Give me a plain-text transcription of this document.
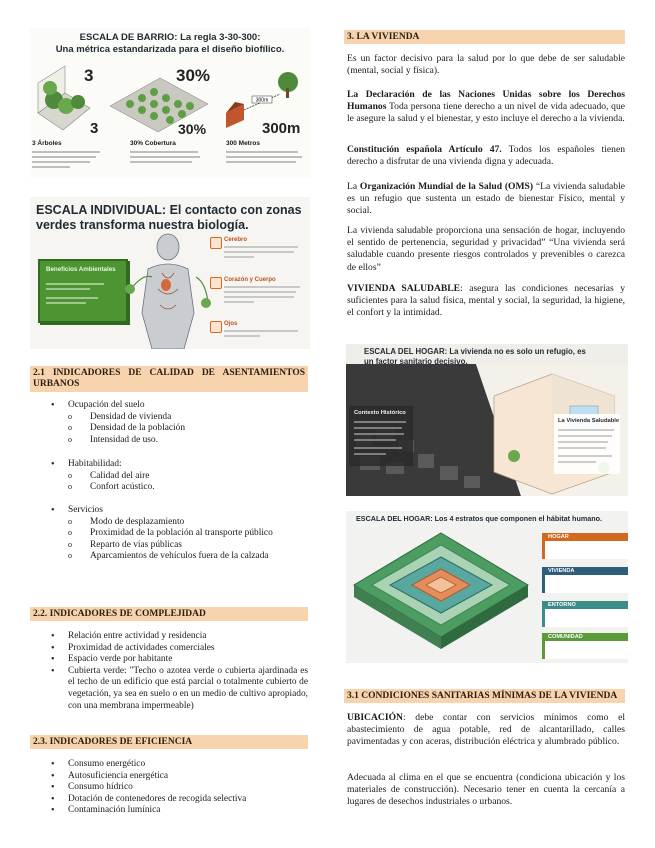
ESCALA DE BARRIO: La regla 3-30-300:
Una métrica estandarizada para el diseño biofílico.
300m
3
3
30%
30%	300m
3 Árboles	30% Cobertura	300 Metros
ESCALA INDIVIDUAL: El contacto con zonas
verdes transforma nuestra biología.
Beneficios Ambientales
Cerebro
Corazón y Cuerpo
Ojos
2.1 INDICADORES DE CALIDAD DE ASENTAMIENTOS URBANOS
• Ocupación del suelo
o Densidad de vivienda
o Densidad de la población
o Intensidad de uso.
• Habitabilidad:
o Calidad del aire
o Confort acústico.
• Servicios
o Modo de desplazamiento
o Proximidad de la población al transporte público
o Reparto de vías públicas
o Aparcamientos de vehículos fuera de la calzada
2.2. INDICADORES DE COMPLEJIDAD
• Relación entre actividad y residencia
• Proximidad de actividades comerciales
• Espacio verde por habitante
• Cubierta verde: "Techo o azotea verde o cubierta ajardinada es el techo de un edificio que está parcial o totalmente cubierto de vegetación, ya sea en suelo o en un medio de cultivo apropiado, con una membrana impermeable)
2.3. INDICADORES DE EFICIENCIA
• Consumo energético
• Autosuficiencia energética
• Consumo hídrico
• Dotación de contenedores de recogida selectiva
• Contaminación lumínica
3. LA VIVIENDA

Es un factor decisivo para la salud por lo que debe de ser saludable (mental, social y física).

La Declaración de las Naciones Unidas sobre los Derechos Humanos Toda persona tiene derecho a un nivel de vida adecuado, que le asegure la salud y el bienestar, y esto incluye el derecho a la vivienda.

Constitución española Artículo 47. Todos los españoles tienen derecho a disfrutar de una vivienda digna y adecuada.

La Organización Mundial de la Salud (OMS) “La vivienda saludable es un refugio que sustenta un estado de bienestar Físico, mental y social.

La vivienda saludable proporciona una sensación de hogar, incluyendo el sentido de pertenencia, seguridad y privacidad” “Una vivienda será saludable cuando presente riesgos controlados y prevenibles o carezca de ellos”

VIVIENDA SALUDABLE: asegura las condiciones necesarias y suficientes para la salud física, mental y social, la seguridad, la higiene, el confort y la intimidad.

ESCALA DEL HOGAR: La vivienda no es solo un refugio, es
un factor sanitario decisivo.
Contexto Histórico
La Vivienda Saludable
ESCALA DEL HOGAR: Los 4 estratos que componen el hábitat humano.
HOGAR
VIVIENDA
ENTORNO
COMUNIDAD
3.1 CONDICIONES SANITARIAS MÍNIMAS DE LA VIVIENDA

UBICACIÓN: debe contar con servicios mínimos como el abastecimiento de agua potable, red de alcantarillado, calles pavimentadas y con aceras, distribución eléctrica y alumbrado público.

Adecuada al clima en el que se encuentra (condiciona ubicación y los materiales de construcción). Necesario tener en cuenta la cercanía a lugares de desechos industriales o urbanos.
